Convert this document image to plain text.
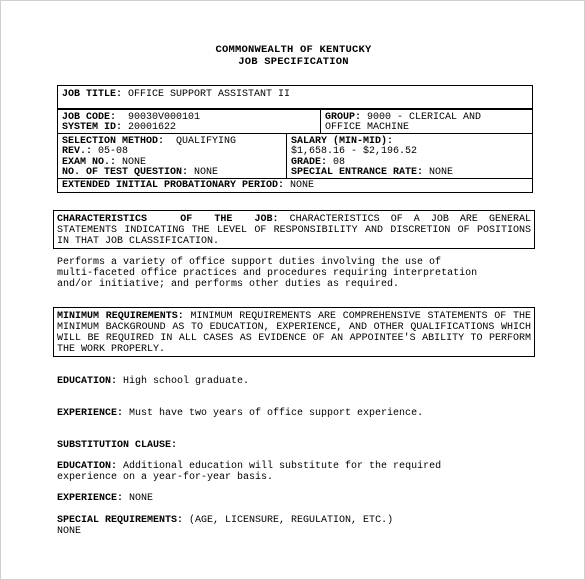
COMMONWEALTH OF KENTUCKY
JOB SPECIFICATION
JOB TITLE: OFFICE SUPPORT ASSISTANT II
JOB CODE:  90030V000101
SYSTEM ID: 20001622
GROUP: 9000 - CLERICAL AND
OFFICE MACHINE
SELECTION METHOD:  QUALIFYING
REV.: 05-08
EXAM NO.: NONE
NO. OF TEST QUESTION: NONE
SALARY (MIN-MID):
$1,658.16 - $2,196.52
GRADE: 08
SPECIAL ENTRANCE RATE: NONE
EXTENDED INITIAL PROBATIONARY PERIOD: NONE
CHARACTERISTICS   OF  THE  JOB: CHARACTERISTICS OF A JOB ARE GENERAL STATEMENTS INDICATING THE LEVEL OF RESPONSIBILITY AND DISCRETION OF POSITIONS IN THAT JOB CLASSIFICATION.
Performs a variety of office support duties involving the use of
multi-faceted office practices and procedures requiring interpretation
and/or initiative; and performs other duties as required.
MINIMUM REQUIREMENTS: MINIMUM REQUIREMENTS ARE COMPREHENSIVE STATEMENTS OF THE MINIMUM BACKGROUND AS TO EDUCATION, EXPERIENCE, AND OTHER QUALIFICATIONS WHICH WILL BE REQUIRED IN ALL CASES AS EVIDENCE OF AN APPOINTEE'S ABILITY TO PERFORM THE WORK PROPERLY.
EDUCATION: High school graduate.
EXPERIENCE: Must have two years of office support experience.
SUBSTITUTION CLAUSE:
EDUCATION: Additional education will substitute for the required
experience on a year-for-year basis.
EXPERIENCE: NONE
SPECIAL REQUIREMENTS: (AGE, LICENSURE, REGULATION, ETC.)
NONE
